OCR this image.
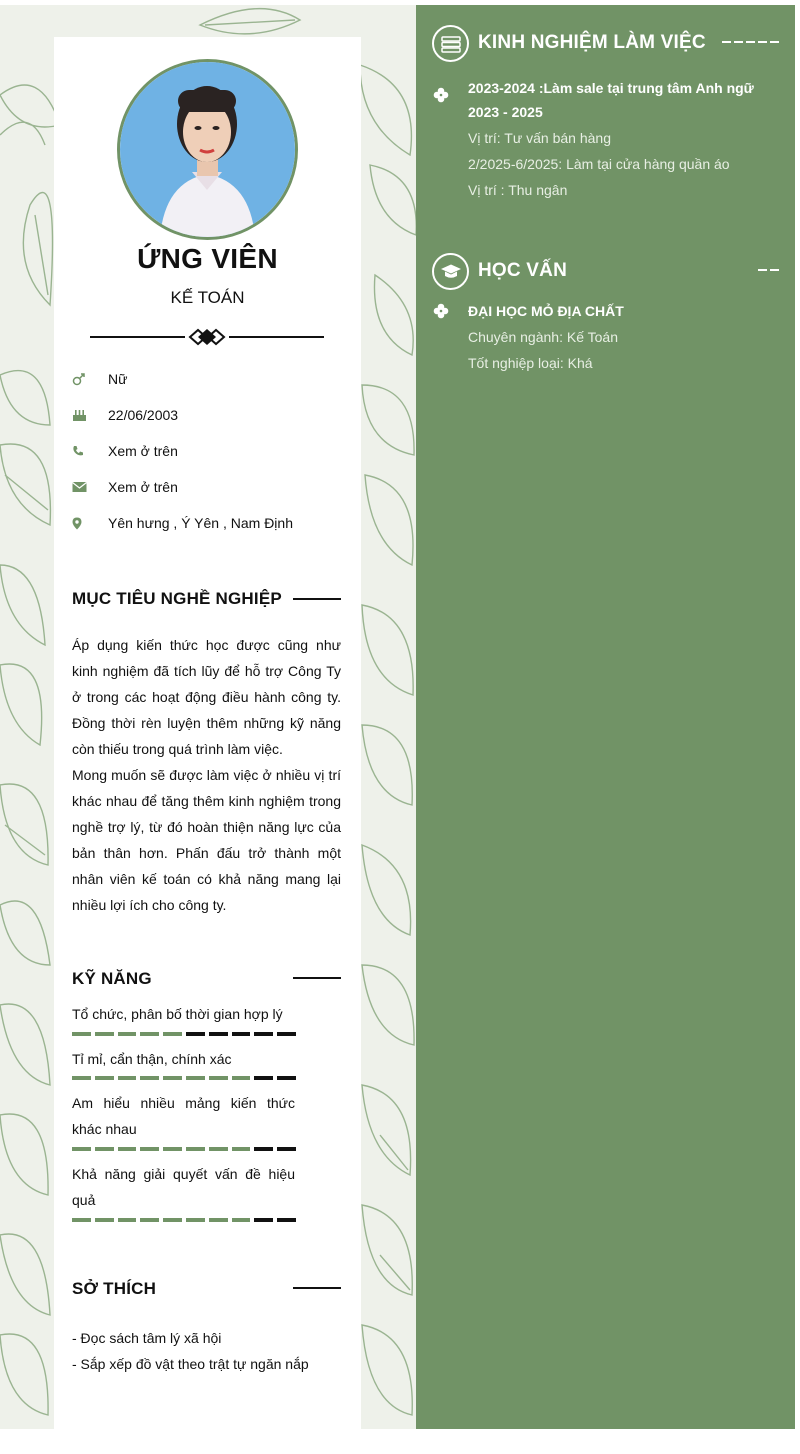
ỨNG VIÊN
KẾ TOÁN
Nữ
22/06/2003
Xem ở trên
Xem ở trên
Yên hưng , Ý Yên , Nam Định
MỤC TIÊU NGHỀ NGHIỆP

Áp dụng kiến thức học được cũng như kinh nghiệm đã tích lũy để hỗ trợ Công Ty ở trong các hoạt động điều hành công ty. Đồng thời rèn luyện thêm những kỹ năng còn thiếu trong quá trình làm việc.

Mong muốn sẽ được làm việc ở nhiều vị trí khác nhau để tăng thêm kinh nghiệm trong nghề trợ lý, từ đó hoàn thiện năng lực của bản thân hơn. Phấn đấu trở thành một nhân viên kế toán có khả năng mang lại nhiều lợi ích cho công ty.

KỸ NĂNG
Tổ chức, phân bố thời gian hợp lý
Tỉ mỉ, cẩn thận, chính xác
Am hiểu nhiều mảng kiến thức khác nhau
Khả năng giải quyết vấn đề hiệu quả
SỞ THÍCH
- Đọc sách tâm lý xã hội
- Sắp xếp đồ vật theo trật tự ngăn nắp
KINH NGHIỆM LÀM VIỆC
2023-2024 :Làm sale tại trung tâm Anh ngữ
2023 - 2025
Vị trí: Tư vấn bán hàng
2/2025-6/2025: Làm tại cửa hàng quần áo
Vị trí : Thu ngân
HỌC VẤN
ĐẠI HỌC MỎ ĐỊA CHẤT
Chuyên ngành: Kế Toán
Tốt nghiệp loại: Khá
